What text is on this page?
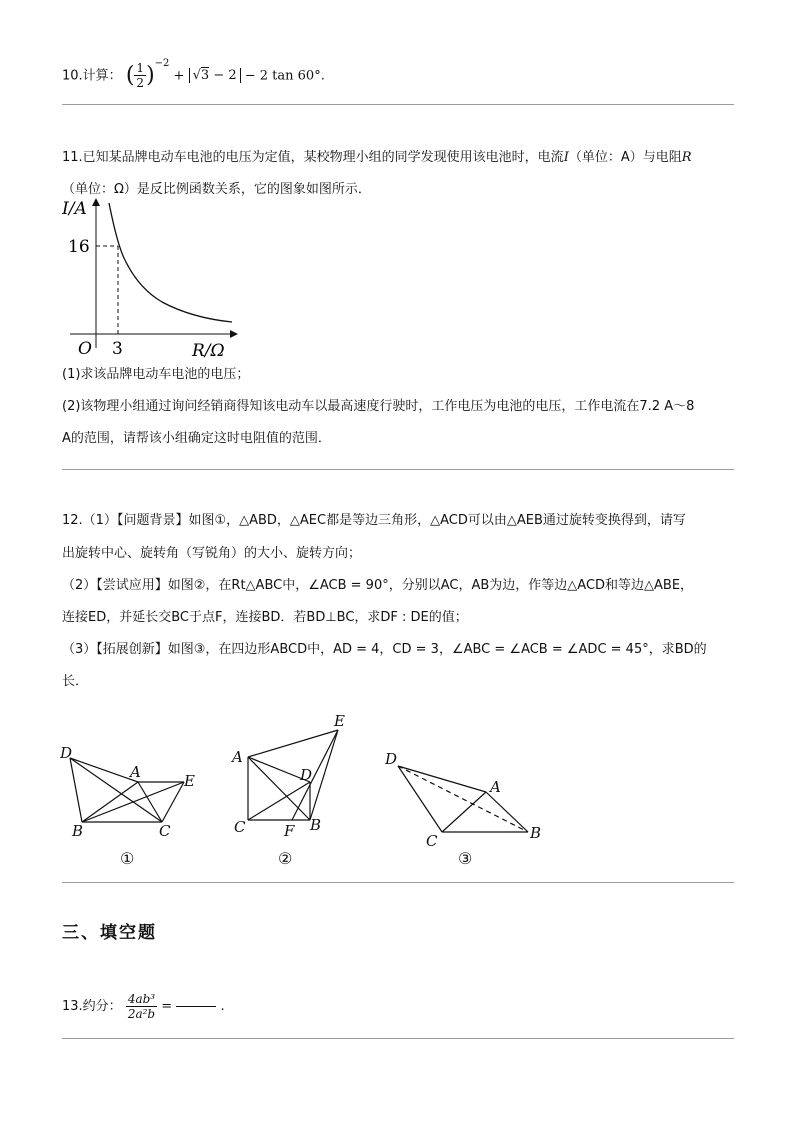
10.计算： ( $\frac{1}{2} )^{-2} + √3 - 2 - 2$ tan 60°.
11.已知某品牌电动车电池的电压为定值，某校物理小组的同学发现使用该电池时，电流I（单位：A）与电阻R
（单位：Ω）是反比例函数关系，它的图象如图所示．
I/A
16
O 3	R/Ω
(1)求该品牌电动车电池的电压；
(2)该物理小组通过询问经销商得知该电动车以最高速度行驶时，工作电压为电池的电压，工作电流在7.2 A～8
A的范围，请帮该小组确定这时电阻值的范围．
12.（1）【问题背景】如图①，△ABD，△AEC都是等边三角形，△ACD可以由△AEB通过旋转变换得到，请写
出旋转中心、旋转角（写锐角）的大小、旋转方向；
（2）【尝试应用】如图②，在Rt△ABC中，∠ACB = 90°，分别以AC，AB为边，作等边△ACD和等边△ABE，
连接ED，并延长交BC于点F，连接BD．若BD⊥BC，求DF : DE的值；
（3）【拓展创新】如图③，在四边形ABCD中，AD = 4，CD = 3，∠ABC = ∠ACB = ∠ADC = 45°，求BD的
长．
D
A	E
B	C
①
A
E
D
C	F B
②
D
A
C	B
③
三、填空题
13.约分： $\frac{\text{4ab³}}{\text{2a²b}}$ =	.
